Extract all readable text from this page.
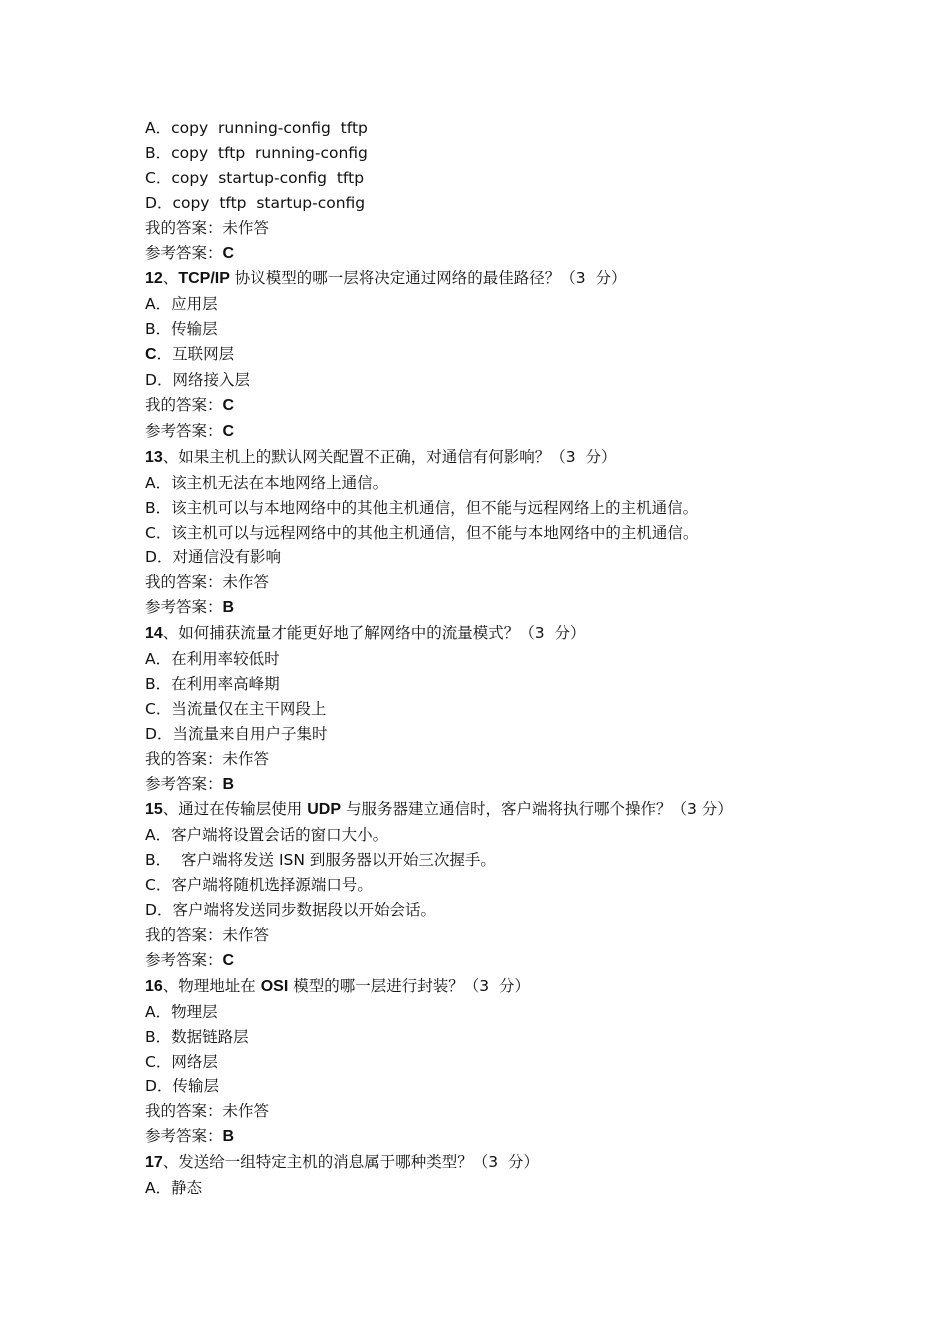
A．copy  running-config  tftp
B．copy  tftp  running-config
C．copy  startup-config  tftp
D．copy  tftp  startup-config
我的答案：未作答
参考答案：C
12、TCP/IP 协议模型的哪一层将决定通过网络的最佳路径？（3  分）
A．应用层
B．传输层
C．互联网层
D．网络接入层
我的答案：C
参考答案：C
13、如果主机上的默认网关配置不正确，对通信有何影响？（3  分）
A．该主机无法在本地网络上通信。
B．该主机可以与本地网络中的其他主机通信，但不能与远程网络上的主机通信。
C．该主机可以与远程网络中的其他主机通信，但不能与本地网络中的主机通信。
D．对通信没有影响
我的答案：未作答
参考答案：B
14、如何捕获流量才能更好地了解网络中的流量模式？（3  分）
A．在利用率较低时
B．在利用率高峰期
C．当流量仅在主干网段上
D．当流量来自用户子集时
我的答案：未作答
参考答案：B
15、通过在传输层使用 UDP 与服务器建立通信时，客户端将执行哪个操作？（3 分）
A．客户端将设置会话的窗口大小。
B．  客户端将发送 ISN 到服务器以开始三次握手。
C．客户端将随机选择源端口号。
D．客户端将发送同步数据段以开始会话。
我的答案：未作答
参考答案：C
16、物理地址在 OSI 模型的哪一层进行封装？（3  分）
A．物理层
B．数据链路层
C．网络层
D．传输层
我的答案：未作答
参考答案：B
17、发送给一组特定主机的消息属于哪种类型？（3  分）
A．静态
